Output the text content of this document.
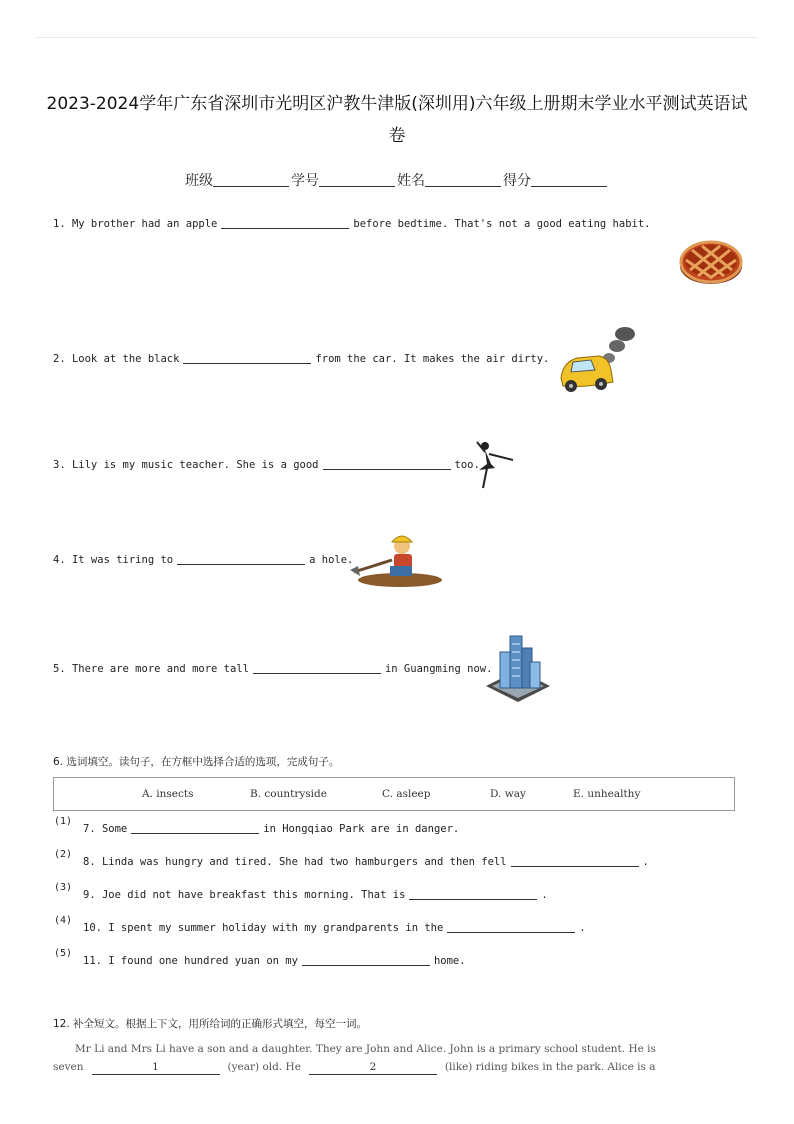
2023-2024学年广东省深圳市光明区沪教牛津版(深圳用)六年级上册期末学业水平测试英语试卷
班级	学号	姓名	得分
1. My brother had an apple	before bedtime. That's not a good eating habit.
2. Look at the black	from the car. It makes the air dirty.
3. Lily is my music teacher. She is a good	too.
4. It was tiring to	a hole.
5. There are more and more tall	in Guangming now.
6. 选词填空。读句子，在方框中选择合适的选项，完成句子。
A. insects	B. countryside	C. asleep	D. way	E. unhealthy
(1)
7. Some	in Hongqiao Park are in danger.
(2)
8. Linda was hungry and tired. She had two hamburgers and then fell	.
(3)
9. Joe did not have breakfast this morning. That is	.
(4)
10. I spent my summer holiday with my grandparents in the	.
(5)
11. I found one hundred yuan on my	home.
12. 补全短文。根据上下文，用所给词的正确形式填空，每空一词。
Mr Li and Mrs Li have a son and a daughter. They are John and Alice. John is a primary school student. He is
seven	1	(year) old. He	2	(like) riding bikes in the park. Alice is a
